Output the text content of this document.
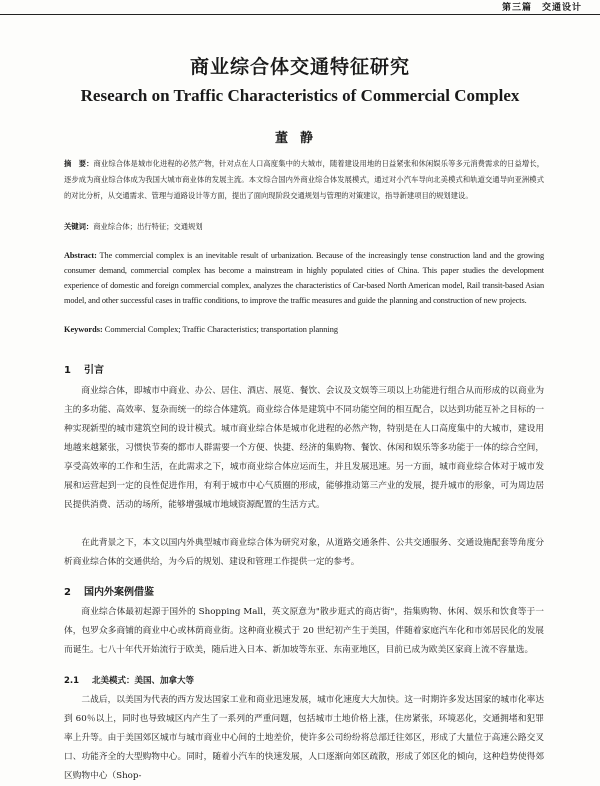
第三篇　交通设计
商业综合体交通特征研究
Research on Traffic Characteristics of Commercial Complex
董静
摘　要：商业综合体是城市化进程的必然产物，针对点在人口高度集中的大城市，随着建设用地的日益紧张和休闲娱乐等多元消费需求的日益增长，逐步成为商业综合体成为我国大城市商业体的发展主流。本文综合国内外商业综合体发展模式，通过对小汽车导向北美模式和轨道交通导向亚洲模式的对比分析，从交通需求、管理与道路设计等方面，提出了面向现阶段交通规划与管理的对策建议，指导新建项目的规划建设。
关键词：商业综合体；出行特征；交通规划
Abstract: The commercial complex is an inevitable result of urbanization. Because of the increasingly tense construction land and the growing consumer demand, commercial complex has become a mainstream in highly populated cities of China. This paper studies the development experience of domestic and foreign commercial complex, analyzes the characteristics of Car-based North American model, Rail transit-based Asian model, and other successful cases in traffic conditions, to improve the traffic measures and guide the planning and construction of new projects.
Keywords: Commercial Complex; Traffic Characteristics; transportation planning
1 引言
商业综合体，即城市中商业、办公、居住、酒店、展览、餐饮、会议及文娱等三项以上功能进行组合从而形成的以商业为主的多功能、高效率、复杂而统一的综合体建筑。商业综合体是建筑中不同功能空间的相互配合，以达到功能互补之目标的一种实现新型的城市建筑空间的设计模式。城市商业综合体是城市化进程的必然产物，特别是在人口高度集中的大城市，建设用地越来越紧张，习惯快节奏的都市人群需要一个方便、快捷、经济的集购物、餐饮、休闲和娱乐等多功能于一体的综合空间，享受高效率的工作和生活，在此需求之下，城市商业综合体应运而生，并且发展迅速。另一方面，城市商业综合体对于城市发展和运营起到一定的良性促进作用，有利于城市中心气质圈的形成，能够推动第三产业的发展，提升城市的形象，可为周边居民提供消费、活动的场所，能够增强城市地域资源配置的生活方式。
在此背景之下，本文以国内外典型城市商业综合体为研究对象，从道路交通条件、公共交通服务、交通设施配套等角度分析商业综合体的交通供给，为今后的规划、建设和管理工作提供一定的参考。
2 国内外案例借鉴
商业综合体最初起源于国外的 Shopping Mall，英文原意为"散步逛式的商店街"，指集购物、休闲、娱乐和饮食等于一体，包罗众多商铺的商业中心或林荫商业街。这种商业模式于 20 世纪初产生于美国，伴随着家庭汽车化和市郊居民化的发展而诞生。七八十年代开始流行于欧美，随后进入日本、新加坡等东亚、东南亚地区，目前已成为欧美区家商上流不容量选。
2.1 北美模式：美国、加拿大等
二战后，以美国为代表的西方发达国家工业和商业迅速发展，城市化速度大大加快。这一时期许多发达国家的城市化率达到 60％以上，同时也导致城区内产生了一系列的严重问题，包括城市土地价格上涨，住房紧张，环境恶化，交通拥堵和犯罪率上升等。由于美国郊区城市与城市商业中心间的土地差价，使许多公司纷纷将总部迁往郊区，形成了大量位于高速公路交叉口、功能齐全的大型购物中心。同时，随着小汽车的快速发展，人口逐渐向郊区疏散，形成了郊区化的倾向，这种趋势使得郊区购物中心（Shop-
